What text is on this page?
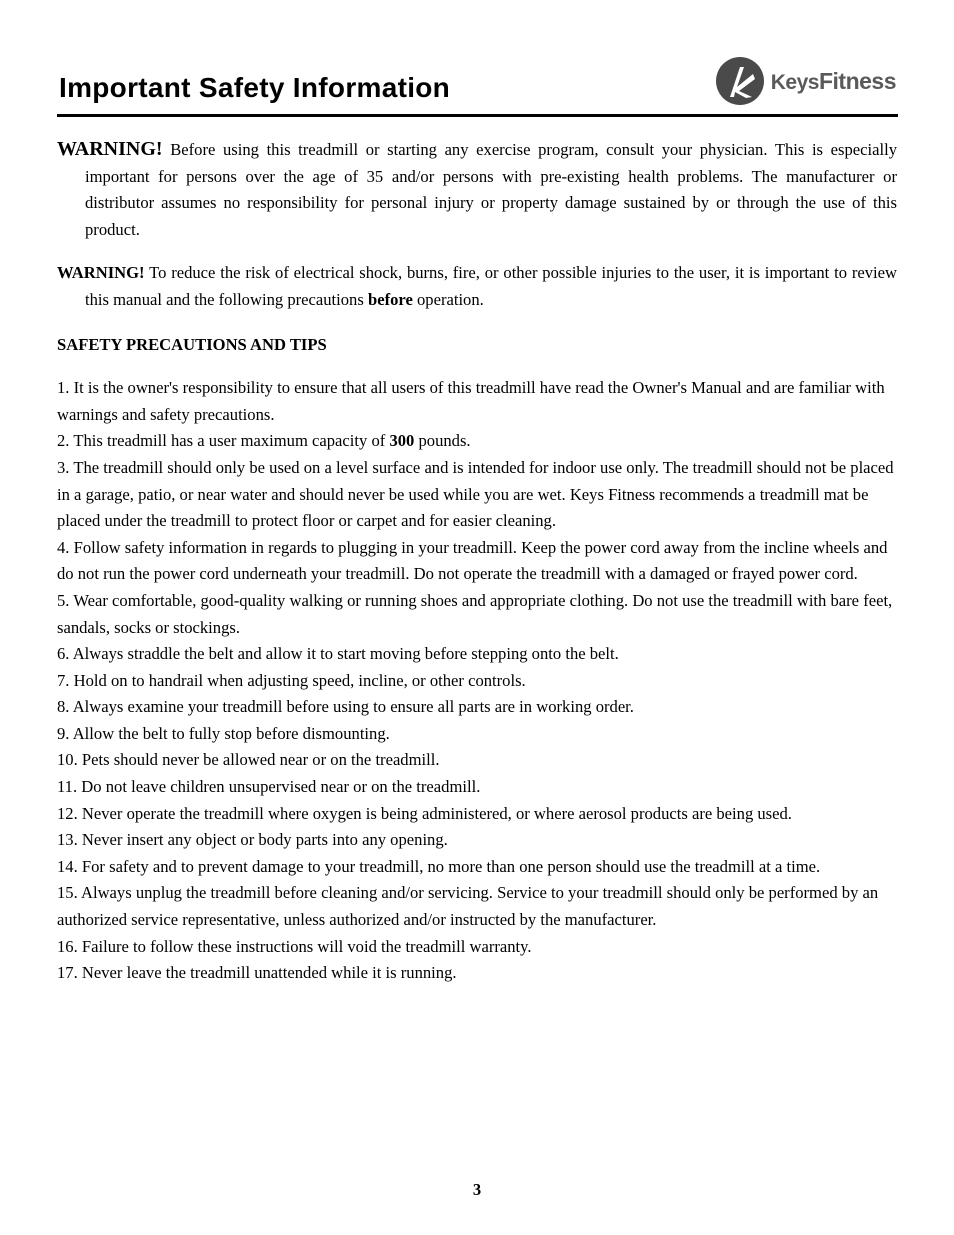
Important Safety Information	KeysFitness

WARNING! Before using this treadmill or starting any exercise program, consult your physician. This is especially important for persons over the age of 35 and/or persons with pre-existing health problems. The manufacturer or distributor assumes no responsibility for personal injury or property damage sustained by or through the use of this product.

WARNING! To reduce the risk of electrical shock, burns, fire, or other possible injuries to the user, it is important to review this manual and the following precautions before operation.

SAFETY PRECAUTIONS AND TIPS
1. It is the owner's responsibility to ensure that all users of this treadmill have read the Owner's Manual and are familiar with warnings and safety precautions.
2. This treadmill has a user maximum capacity of 300 pounds.
3. The treadmill should only be used on a level surface and is intended for indoor use only. The treadmill should not be placed in a garage, patio, or near water and should never be used while you are wet. Keys Fitness recommends a treadmill mat be placed under the treadmill to protect floor or carpet and for easier cleaning.
4. Follow safety information in regards to plugging in your treadmill. Keep the power cord away from the incline wheels and do not run the power cord underneath your treadmill. Do not operate the treadmill with a damaged or frayed power cord.
5. Wear comfortable, good-quality walking or running shoes and appropriate clothing. Do not use the treadmill with bare feet, sandals, socks or stockings.
6. Always straddle the belt and allow it to start moving before stepping onto the belt.
7. Hold on to handrail when adjusting speed, incline, or other controls.
8. Always examine your treadmill before using to ensure all parts are in working order.
9. Allow the belt to fully stop before dismounting.
10. Pets should never be allowed near or on the treadmill.
11. Do not leave children unsupervised near or on the treadmill.
12. Never operate the treadmill where oxygen is being administered, or where aerosol products are being used.
13. Never insert any object or body parts into any opening.
14. For safety and to prevent damage to your treadmill, no more than one person should use the treadmill at a time.
15. Always unplug the treadmill before cleaning and/or servicing. Service to your treadmill should only be performed by an authorized service representative, unless authorized and/or instructed by the manufacturer.
16. Failure to follow these instructions will void the treadmill warranty.
17. Never leave the treadmill unattended while it is running.
3
